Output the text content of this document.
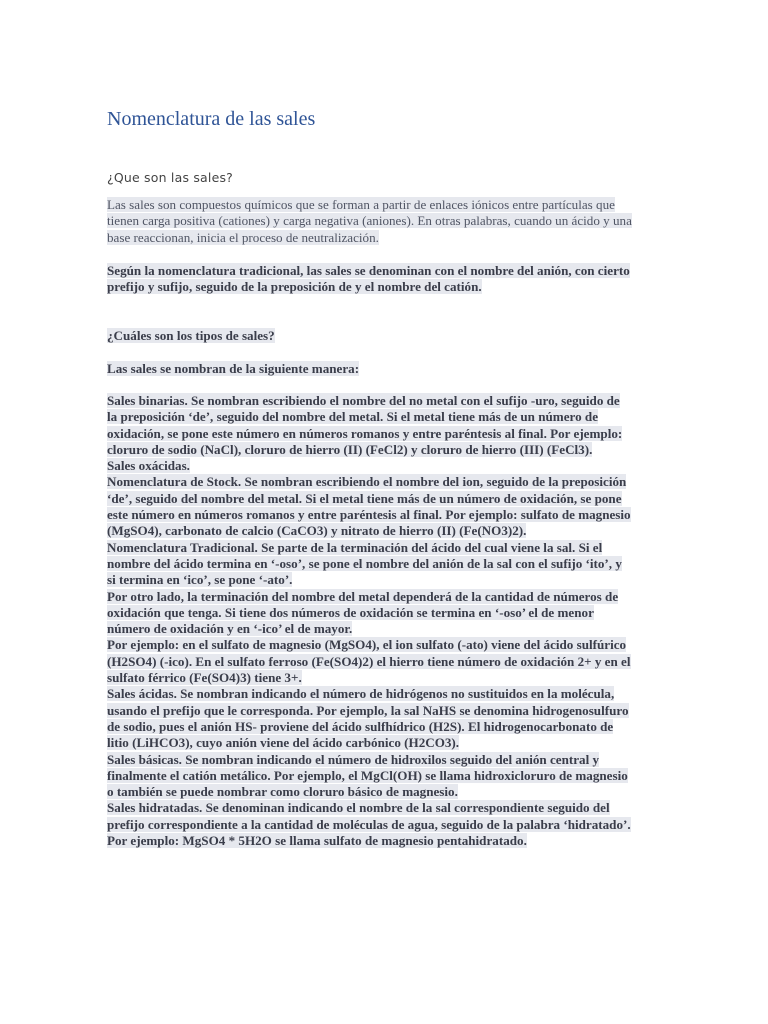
Nomenclatura de las sales
¿Que son las sales?
Las sales son compuestos químicos que se forman a partir de enlaces iónicos entre partículas que
tienen carga positiva (cationes) y carga negativa (aniones). En otras palabras, cuando un ácido y una
base reaccionan, inicia el proceso de neutralización.
Según la nomenclatura tradicional, las sales se denominan con el nombre del anión, con cierto
prefijo y sufijo, seguido de la preposición de y el nombre del catión.
¿Cuáles son los tipos de sales?
Las sales se nombran de la siguiente manera:
Sales binarias. Se nombran escribiendo el nombre del no metal con el sufijo -uro, seguido de
la preposición ‘de’, seguido del nombre del metal. Si el metal tiene más de un número de
oxidación, se pone este número en números romanos y entre paréntesis al final. Por ejemplo:
cloruro de sodio (NaCl), cloruro de hierro (II) (FeCl2) y cloruro de hierro (III) (FeCl3).
Sales oxácidas.
Nomenclatura de Stock. Se nombran escribiendo el nombre del ion, seguido de la preposición
‘de’, seguido del nombre del metal. Si el metal tiene más de un número de oxidación, se pone
este número en números romanos y entre paréntesis al final. Por ejemplo: sulfato de magnesio
(MgSO4), carbonato de calcio (CaCO3) y nitrato de hierro (II) (Fe(NO3)2).
Nomenclatura Tradicional. Se parte de la terminación del ácido del cual viene la sal. Si el
nombre del ácido termina en ‘-oso’, se pone el nombre del anión de la sal con el sufijo ‘ito’, y
si termina en ‘ico’, se pone ‘-ato’.
Por otro lado, la terminación del nombre del metal dependerá de la cantidad de números de
oxidación que tenga. Si tiene dos números de oxidación se termina en ‘-oso’ el de menor
número de oxidación y en ‘-ico’ el de mayor.
Por ejemplo: en el sulfato de magnesio (MgSO4), el ion sulfato (-ato) viene del ácido sulfúrico
(H2SO4) (-ico). En el sulfato ferroso (Fe(SO4)2) el hierro tiene número de oxidación 2+ y en el
sulfato férrico (Fe(SO4)3) tiene 3+.
Sales ácidas. Se nombran indicando el número de hidrógenos no sustituidos en la molécula,
usando el prefijo que le corresponda. Por ejemplo, la sal NaHS se denomina hidrogenosulfuro
de sodio, pues el anión HS- proviene del ácido sulfhídrico (H2S). El hidrogenocarbonato de
litio (LiHCO3), cuyo anión viene del ácido carbónico (H2CO3).
Sales básicas. Se nombran indicando el número de hidroxilos seguido del anión central y
finalmente el catión metálico. Por ejemplo, el MgCl(OH) se llama hidroxicloruro de magnesio
o también se puede nombrar como cloruro básico de magnesio.
Sales hidratadas. Se denominan indicando el nombre de la sal correspondiente seguido del
prefijo correspondiente a la cantidad de moléculas de agua, seguido de la palabra ‘hidratado’.
Por ejemplo: MgSO4 * 5H2O se llama sulfato de magnesio pentahidratado.
